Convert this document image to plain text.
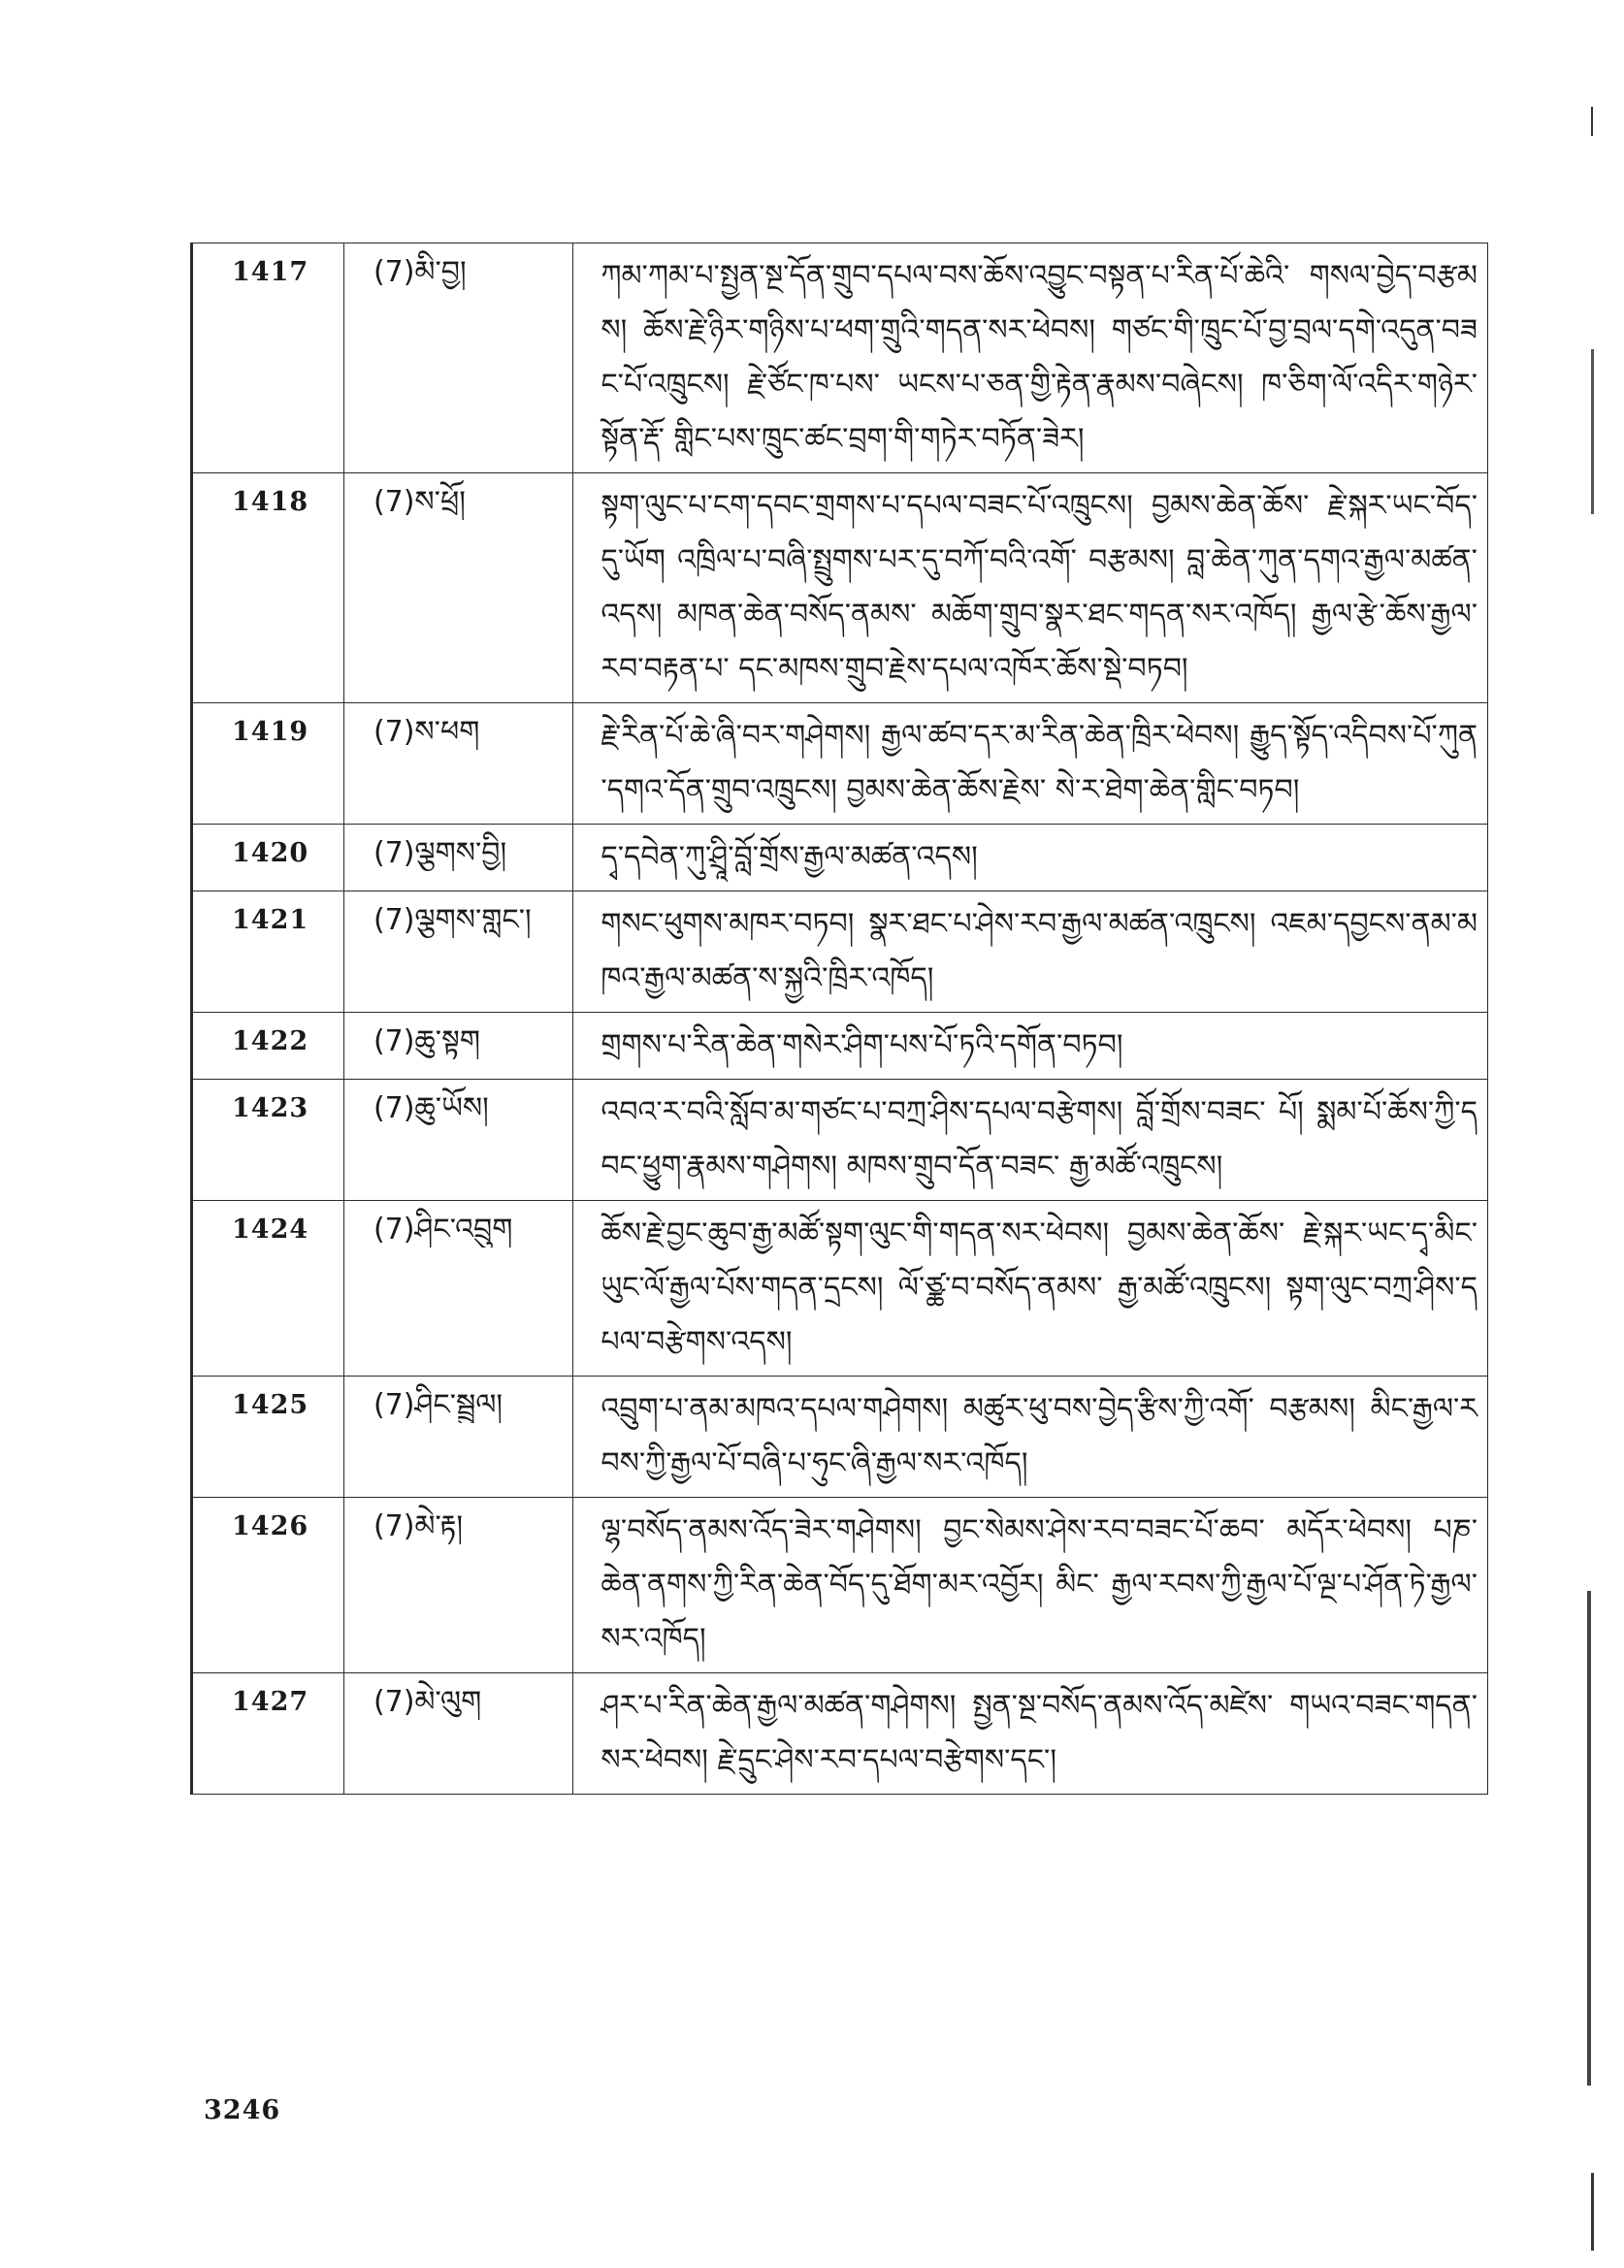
1417	(7)མི་བྱ།	ཀམ་ཀམ་པ་སྤྱན་སྔ་དོན་གྲུབ་དཔལ་བས་ཆོས་འབྱུང་བསྟན་པ་རིན་པོ་ཆེའི་ གསལ་བྱེད་བརྩམས། ཆོས་རྗེ་ཉིར་གཉིས་པ་ཕག་གྲུའི་གདན་སར་ཕེབས། གཙང་གི་ཁྲུང་པོ་བྱ་བྲལ་དགེ་འདུན་བཟང་པོ་འཁྲུངས། རྗེ་ཙོང་ཁ་པས་ ཡངས་པ་ཅན་གྱི་རྟེན་རྣམས་བཞེངས། ཁ་ཅིག་ལོ་འདིར་གཉེར་སྟོན་རྡོ་ གླིང་པས་ཁྲུང་ཚང་བྲག་གི་གཏེར་བཏོན་ཟེར།

1418	(7)ས་ཕྲོ།	སྟག་ལུང་པ་ངག་དབང་གྲགས་པ་དཔལ་བཟང་པོ་འཁྲུངས། བྱམས་ཆེན་ཆོས་ རྗེ་སྐར་ཡང་བོད་དུ་ཡོག འཁྲིལ་པ་བཞི་སྤྲུགས་པར་དུ་བཀོ་བའི་འགོ་ བརྩམས། བླ་ཆེན་ཀུན་དགའ་རྒྱལ་མཚན་འདས། མཁན་ཆེན་བསོད་ནམས་ མཆོག་གྲུབ་སྣར་ཐང་གདན་སར་འཁོད། རྒྱལ་རྩེ་ཆོས་རྒྱལ་རབ་བརྟན་པ་ དང་མཁས་གྲུབ་རྗེས་དཔལ་འཁོར་ཆོས་སྡེ་བཏབ།

1419	(7)ས་ཕག	རྗེ་རིན་པོ་ཆེ་ཞི་བར་གཤེགས། རྒྱལ་ཚབ་དར་མ་རིན་ཆེན་ཁྲིར་ཕེབས། རྒྱུད་སྟོད་འདིབས་པོ་ཀུན་དགའ་དོན་གྲུབ་འཁྲུངས། བྱམས་ཆེན་ཆོས་རྗེས་ སེ་ར་ཐེག་ཆེན་གླིང་བཏབ།

1420	(7)ལྕགས་བྱི།	དྭ་དབེན་ཀུ་ཤྲཱི་བློ་གྲོས་རྒྱལ་མཚན་འདས།

1421	(7)ལྕགས་གླང་།	གསང་ཕུགས་མཁར་བཏབ། སྣར་ཐང་པ་ཤེས་རབ་རྒྱལ་མཚན་འཁྲུངས། འཇམ་དབྱངས་ནམ་མཁའ་རྒྱལ་མཚན་ས་སྐྱའི་ཁྲིར་འཁོད།

1422	(7)ཆུ་སྟག	གྲགས་པ་རིན་ཆེན་གསེར་ཤིག་པས་པོ་ཏའི་དགོན་བཏབ།

1423	(7)ཆུ་ཡོས།	འབའ་ར་བའི་སློབ་མ་གཙང་པ་བཀྲ་ཤིས་དཔལ་བརྩེགས། བློ་གྲོས་བཟང་ པོ། སྨམ་པོ་ཆོས་ཀྱི་དབང་ཕྱུག་རྣམས་གཤེགས། མཁས་གྲུབ་དོན་བཟང་ རྒྱ་མཚོ་འཁྲུངས།

1424	(7)ཤིང་འབྲུག	ཆོས་རྗེ་བྱང་ཆུབ་རྒྱ་མཚོ་སྟག་ལུང་གི་གདན་སར་ཕེབས། བྱམས་ཆེན་ཆོས་ རྗེ་སྐར་ཡང་དྭ་མིང་ཡུང་ལོ་རྒྱལ་པོས་གདན་དྲངས། ལོ་ཙྪ་བ་བསོད་ནམས་ རྒྱ་མཚོ་འཁྲུངས། སྟག་ལུང་བཀྲ་ཤིས་དཔལ་བརྩེགས་འདས།

1425	(7)ཤིང་སྦྲུལ།	འབྲུག་པ་ནམ་མཁའ་དཔལ་གཤེགས། མཚུར་ཕུ་བས་བྱེད་རྩིས་ཀྱི་འགོ་ བརྩམས། མིང་རྒྱལ་རབས་ཀྱི་རྒྱལ་པོ་བཞི་པ་ཧུང་ཞི་རྒྱལ་སར་འཁོད།

1426	(7)མེ་རྟ།	ལྷ་བསོད་ནམས་འོད་ཟེར་གཤེགས། བྱང་སེམས་ཤེས་རབ་བཟང་པོ་ཆབ་ མདོར་ཕེབས། པཎ་ཆེན་ནགས་ཀྱི་རིན་ཆེན་བོད་དུ་ཐོག་མར་འབྱོར། མིང་ རྒྱལ་རབས་ཀྱི་རྒྱལ་པོ་ལྔ་པ་ཤོན་ཏེ་རྒྱལ་སར་འཁོད།

1427	(7)མེ་ལུག	ཤར་པ་རིན་ཆེན་རྒྱལ་མཚན་གཤེགས། སྤྱན་སྔ་བསོད་ནམས་འོད་མཛེས་ གཡའ་བཟང་གདན་སར་ཕེབས། རྗེ་དྲུང་ཤེས་རབ་དཔལ་བརྩེགས་དང་།
3246
